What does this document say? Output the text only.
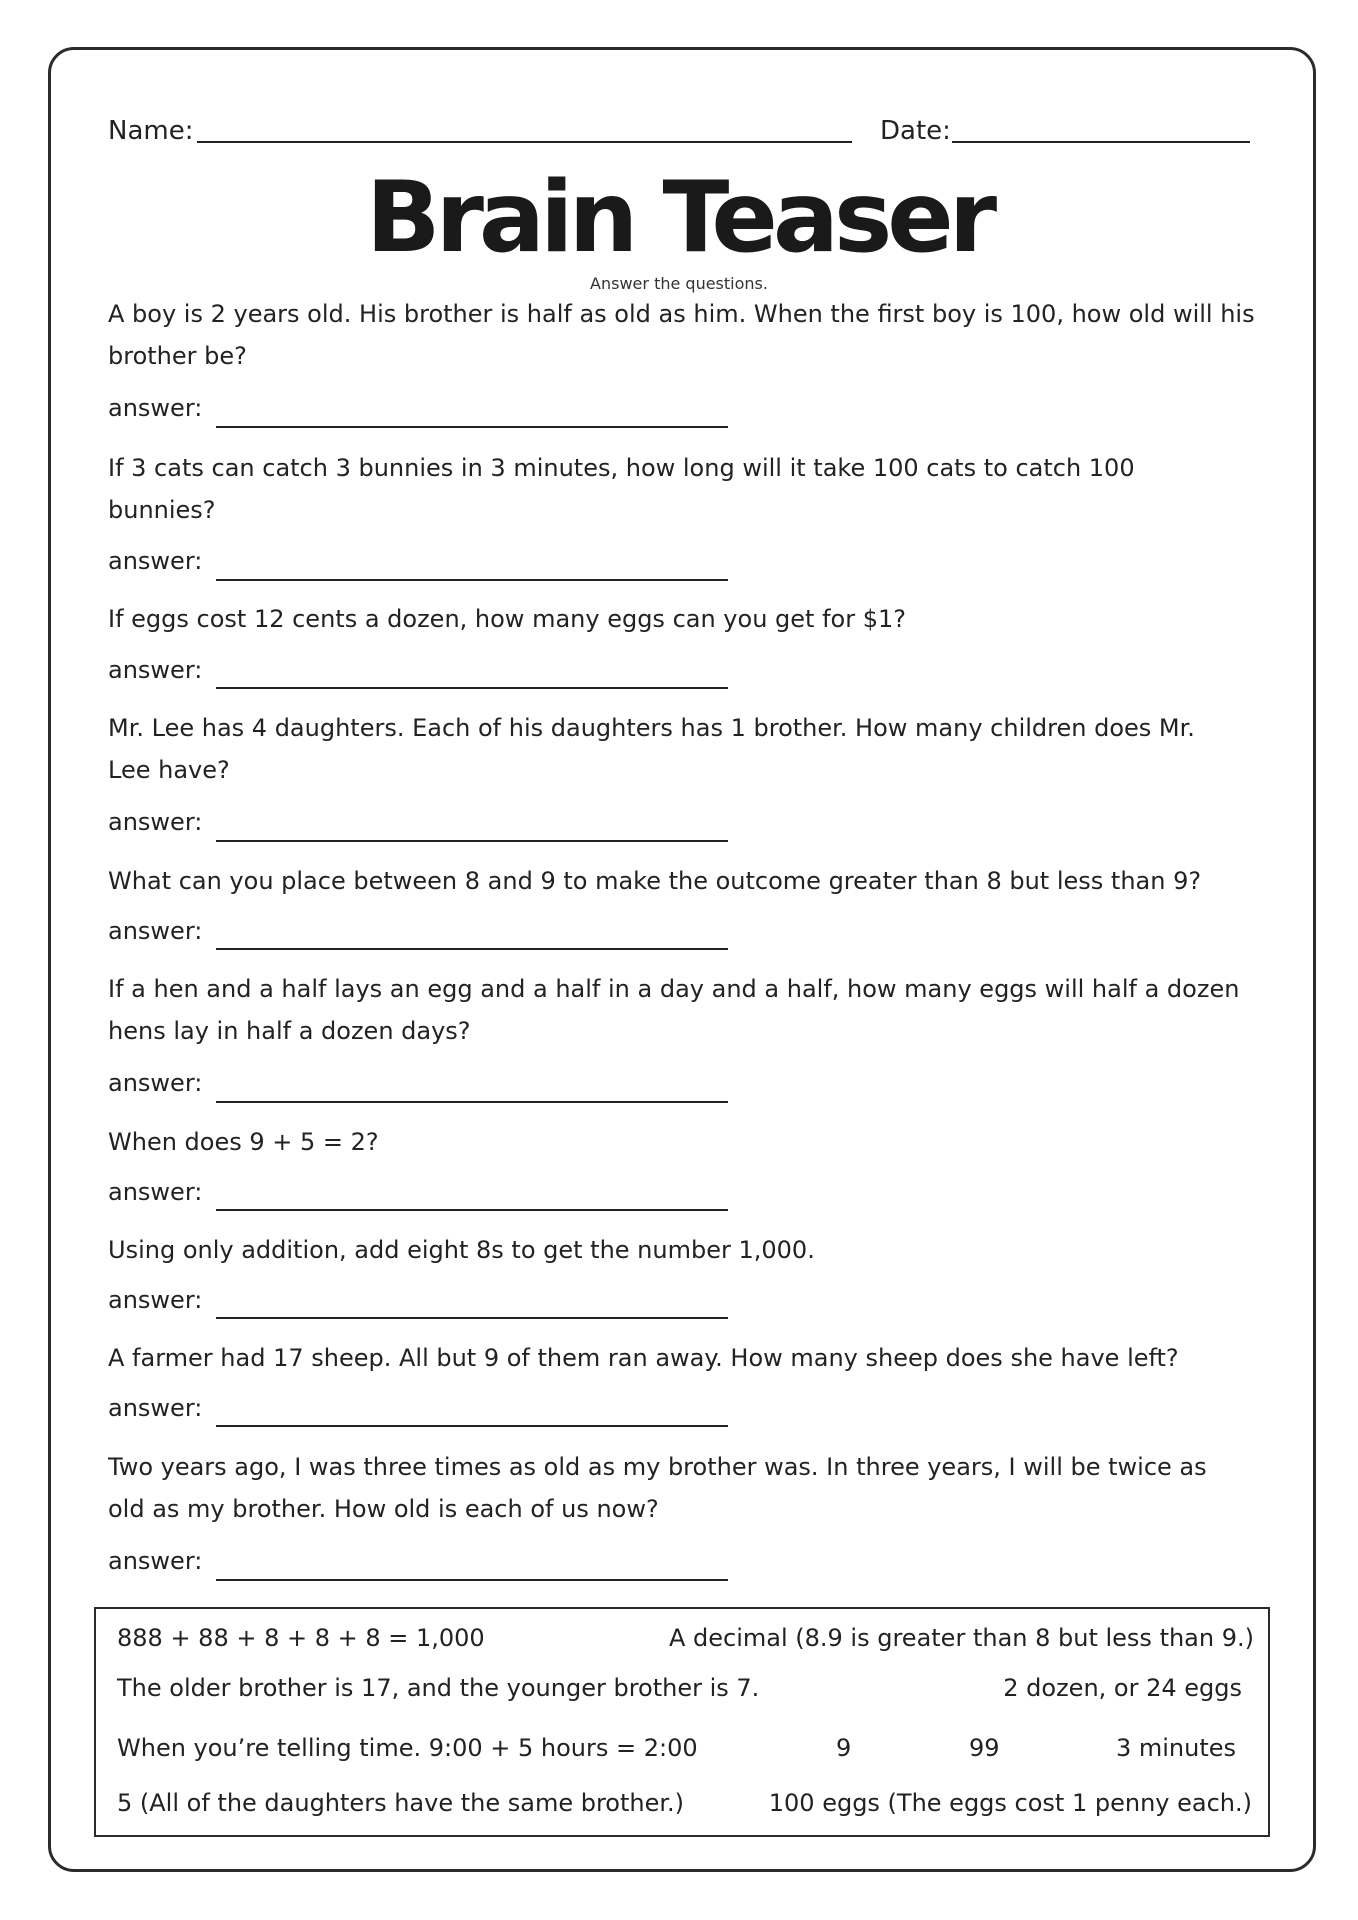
Name:	Date:
Brain Teaser
Answer the questions.

A boy is 2 years old. His brother is half as old as him. When the first boy is 100, how old will his brother be?

answer:

If 3 cats can catch 3 bunnies in 3 minutes, how long will it take 100 cats to catch 100 bunnies?

answer:

If eggs cost 12 cents a dozen, how many eggs can you get for $1?

answer:

Mr. Lee has 4 daughters. Each of his daughters has 1 brother. How many children does Mr. Lee have?

answer:

What can you place between 8 and 9 to make the outcome greater than 8 but less than 9?

answer:

If a hen and a half lays an egg and a half in a day and a half, how many eggs will half a dozen hens lay in half a dozen days?

answer:

When does 9 + 5 = 2?

answer:

Using only addition, add eight 8s to get the number 1,000.

answer:

A farmer had 17 sheep. All but 9 of them ran away. How many sheep does she have left?

answer:

Two years ago, I was three times as old as my brother was. In three years, I will be twice as old as my brother. How old is each of us now?

answer:
888 + 88 + 8 + 8 + 8 = 1,000	A decimal (8.9 is greater than 8 but less than 9.)
The older brother is 17, and the younger brother is 7.	2 dozen, or 24 eggs
When you’re telling time. 9:00 + 5 hours = 2:00	9	99	3 minutes
5 (All of the daughters have the same brother.)	100 eggs (The eggs cost 1 penny each.)
